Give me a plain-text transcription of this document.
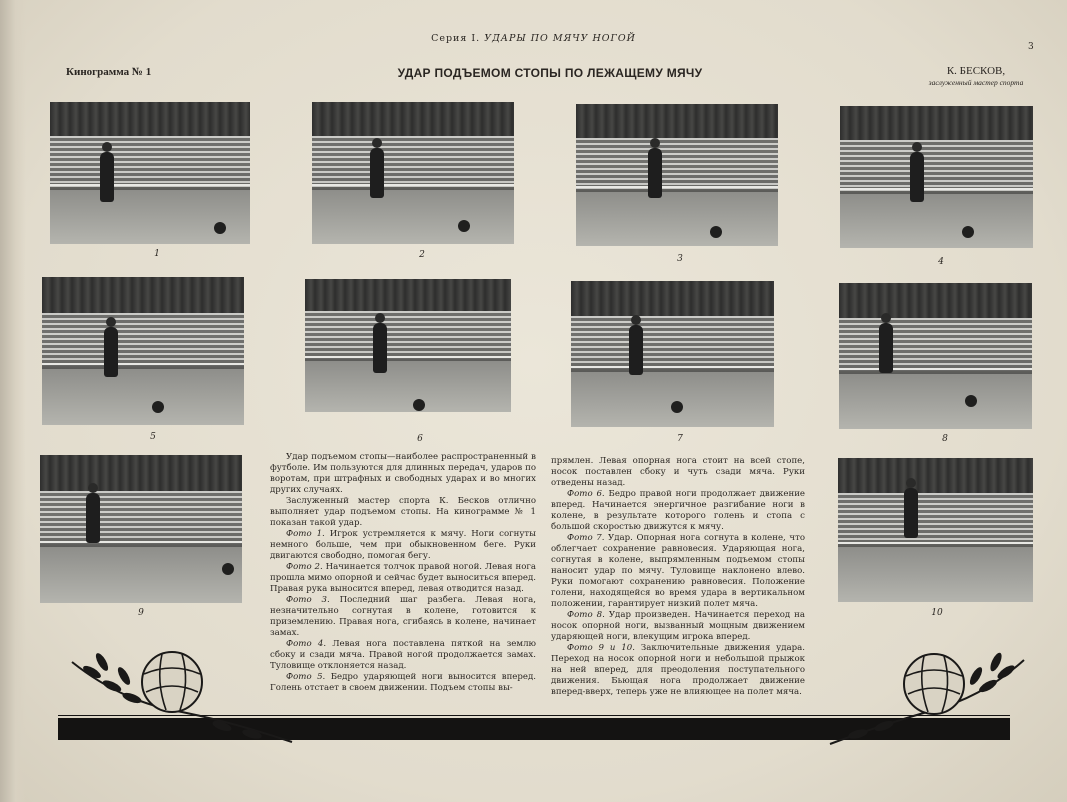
Серия I. УДАРЫ ПО МЯЧУ НОГОЙ
3
Кинограмма № 1	УДАР ПОДЪЕМОМ СТОПЫ ПО ЛЕЖАЩЕМУ МЯЧУ	К. БЕСКОВ,
заслуженный мастер спорта
1	2	3	4
5	6	7	8
9	10

Удар подъемом стопы—наиболее распространенный в футболе. Им пользуются для длинных передач, ударов по воротам, при штрафных и свободных ударах и во многих других случаях.

Заслуженный мастер спорта К. Бесков отлично выполняет удар подъемом стопы. На кинограмме № 1 показан такой удар.

Фото 1. Игрок устремляется к мячу. Ноги согнуты немного больше, чем при обыкновенном беге. Руки двигаются свободно, помогая бегу.

Фото 2. Начинается толчок правой ногой. Левая нога прошла мимо опорной и сейчас будет выноситься вперед. Правая рука выносится вперед, левая отводится назад.

Фото 3. Последний шаг разбега. Левая нога, незначительно согнутая в колене, готовится к приземлению. Правая нога, сгибаясь в колене, начинает замах.

Фото 4. Левая нога поставлена пяткой на землю сбоку и сзади мяча. Правой ногой продолжается замах. Туловище отклоняется назад.

Фото 5. Бедро ударяющей ноги выносится вперед. Голень отстает в своем движении. Подъем стопы вы-

прямлен. Левая опорная нога стоит на всей стопе, носок поставлен сбоку и чуть сзади мяча. Руки отведены назад.

Фото 6. Бедро правой ноги продолжает движение вперед. Начинается энергичное разгибание ноги в колене, в результате которого голень и стопа с большой скоростью движутся к мячу.

Фото 7. Удар. Опорная нога согнута в колене, что облегчает сохранение равновесия. Ударяющая нога, согнутая в колене, выпрямленным подъемом стопы наносит удар по мячу. Туловище наклонено влево. Руки помогают сохранению равновесия. Положение голени, находящейся во время удара в вертикальном положении, гарантирует низкий полет мяча.

Фото 8. Удар произведен. Начинается переход на носок опорной ноги, вызванный мощным движением ударяющей ноги, влекущим игрока вперед.

Фото 9 и 10. Заключительные движения удара. Переход на носок опорной ноги и небольшой прыжок на ней вперед, для преодоления поступательного движения. Бьющая нога продолжает движение вперед-вверх, теперь уже не влияющее на полет мяча.
